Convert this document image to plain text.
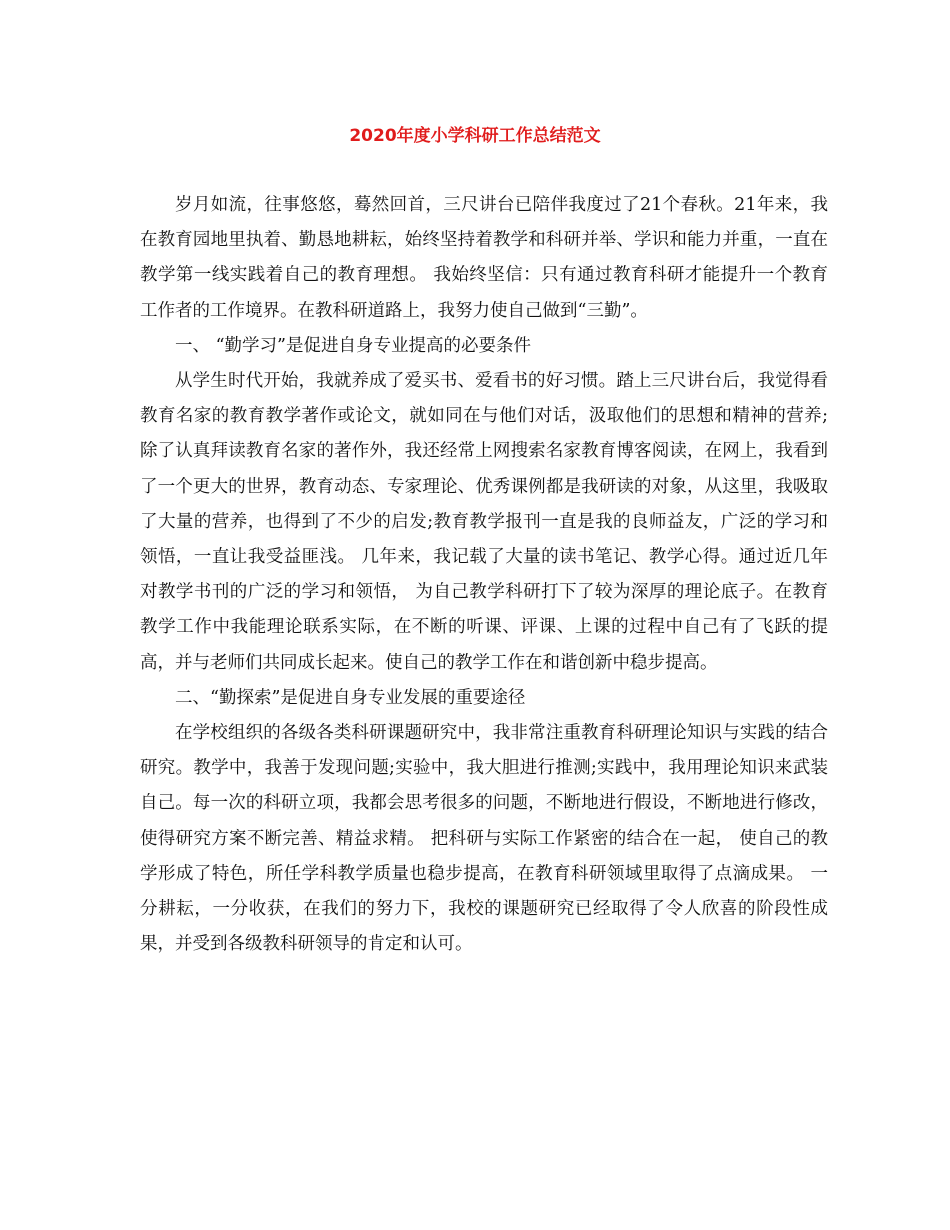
2020年度小学科研工作总结范文

岁月如流，往事悠悠，蓦然回首，三尺讲台已陪伴我度过了21个春秋。21年来，我在教育园地里执着、勤恳地耕耘，始终坚持着教学和科研并举、学识和能力并重，一直在教学第一线实践着自己的教育理想。 我始终坚信：只有通过教育科研才能提升一个教育工作者的工作境界。在教科研道路上，我努力使自己做到“三勤”。

一、 “勤学习”是促进自身专业提高的必要条件

从学生时代开始，我就养成了爱买书、爱看书的好习惯。踏上三尺讲台后，我觉得看教育名家的教育教学著作或论文，就如同在与他们对话，汲取他们的思想和精神的营养;除了认真拜读教育名家的著作外，我还经常上网搜索名家教育博客阅读，在网上，我看到了一个更大的世界，教育动态、专家理论、优秀课例都是我研读的对象，从这里，我吸取了大量的营养，也得到了不少的启发;教育教学报刊一直是我的良师益友，广泛的学习和领悟，一直让我受益匪浅。 几年来，我记载了大量的读书笔记、教学心得。通过近几年对教学书刊的广泛的学习和领悟， 为自己教学科研打下了较为深厚的理论底子。在教育教学工作中我能理论联系实际，在不断的听课、评课、上课的过程中自己有了飞跃的提高，并与老师们共同成长起来。使自己的教学工作在和谐创新中稳步提高。

二、“勤探索”是促进自身专业发展的重要途径

在学校组织的各级各类科研课题研究中，我非常注重教育科研理论知识与实践的结合研究。教学中，我善于发现问题;实验中，我大胆进行推测;实践中，我用理论知识来武装自己。每一次的科研立项，我都会思考很多的问题，不断地进行假设，不断地进行修改，使得研究方案不断完善、精益求精。 把科研与实际工作紧密的结合在一起， 使自己的教学形成了特色，所任学科教学质量也稳步提高，在教育科研领域里取得了点滴成果。 一分耕耘，一分收获，在我们的努力下，我校的课题研究已经取得了令人欣喜的阶段性成果，并受到各级教科研领导的肯定和认可。
